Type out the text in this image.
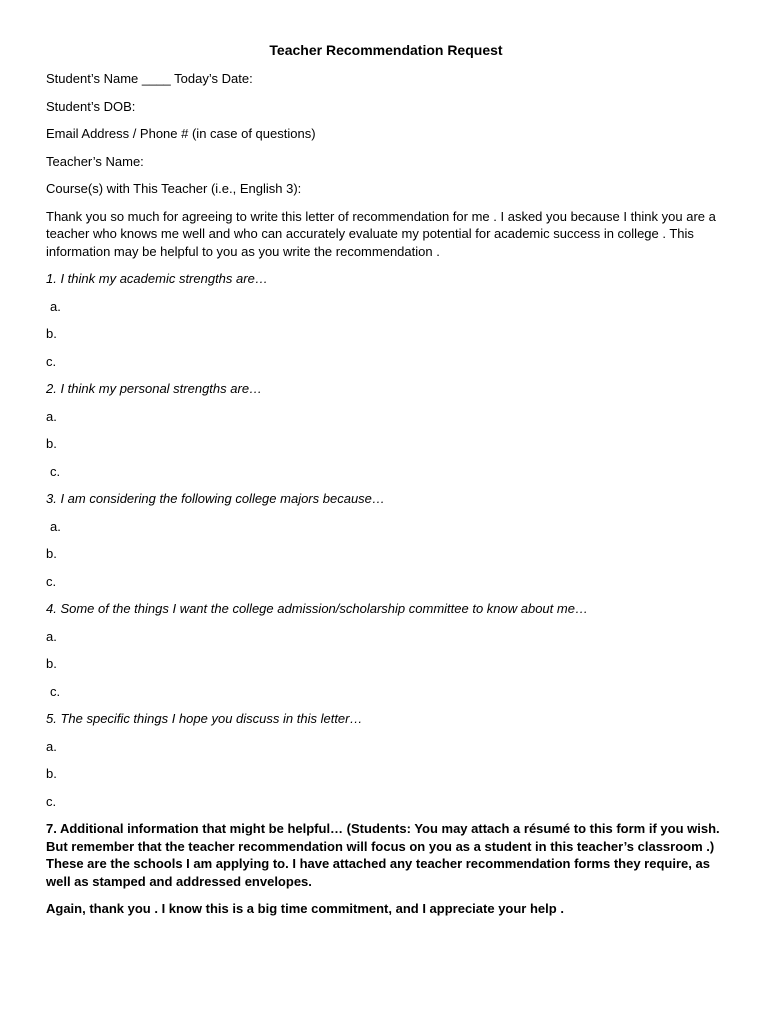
Teacher Recommendation Request

Student’s Name ____ Today’s Date:

Student’s DOB:

Email Address / Phone # (in case of questions)

Teacher’s Name:

Course(s) with This Teacher (i.e., English 3):

Thank you so much for agreeing to write this letter of recommendation for me . I asked you because I think you are a teacher who knows me well and who can accurately evaluate my potential for academic success in college . This information may be helpful to you as you write the recommendation .

1. I think my academic strengths are…

a.

b.

c.

2. I think my personal strengths are…

a.

b.

c.

3. I am considering the following college majors because…

a.

b.

c.

4. Some of the things I want the college admission/scholarship committee to know about me…

a.

b.

c.

5. The specific things I hope you discuss in this letter…

a.

b.

c.

7. Additional information that might be helpful… (Students: You may attach a résumé to this form if you wish. But remember that the teacher recommendation will focus on you as a student in this teacher’s classroom .) These are the schools I am applying to. I have attached any teacher recommendation forms they require, as well as stamped and addressed envelopes.

Again, thank you . I know this is a big time commitment, and I appreciate your help .
